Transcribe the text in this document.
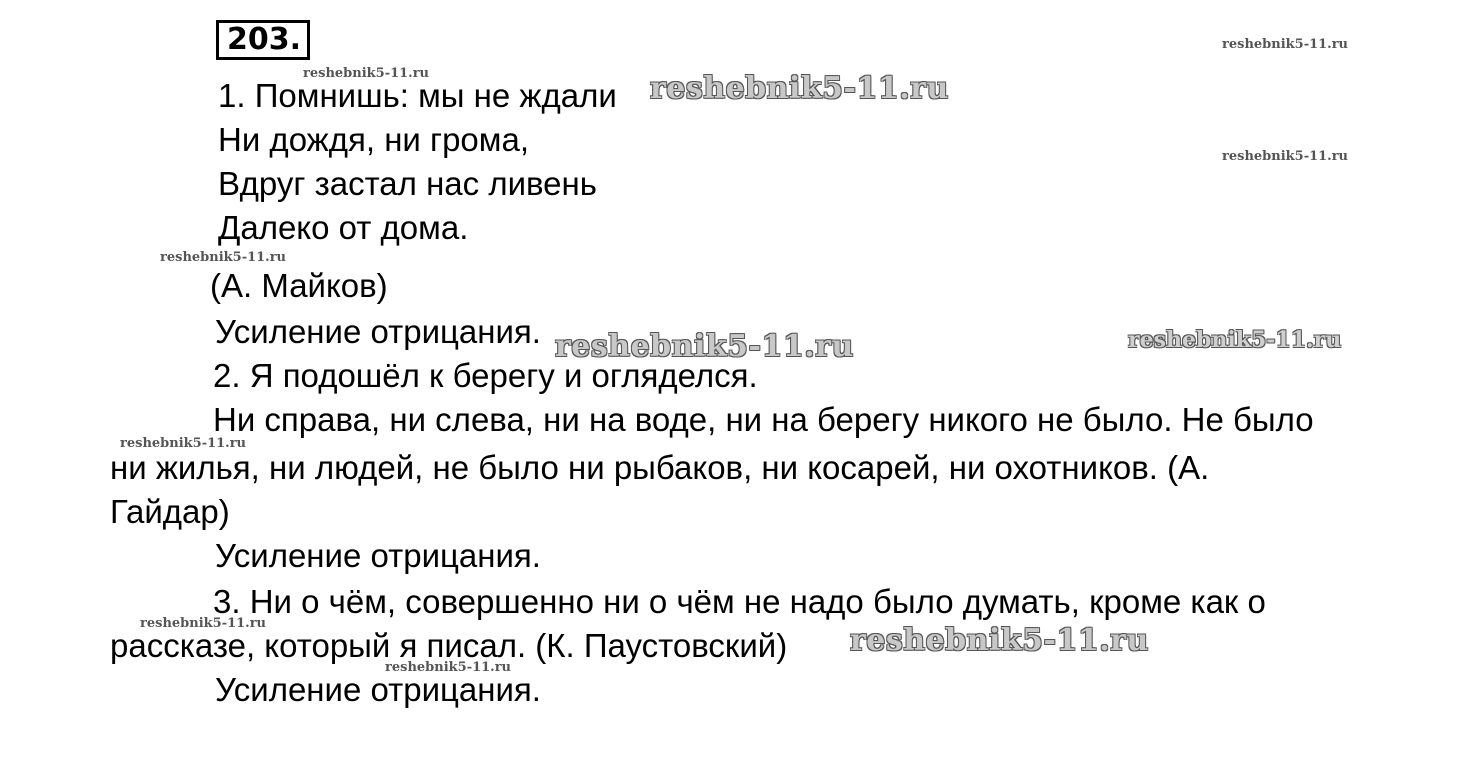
203.

1. Помнишь: мы не ждали

Ни дождя, ни грома,

Вдруг застал нас ливень

Далеко от дома.

(А. Майков)

Усиление отрицания.

2. Я подошёл к берегу и огляделся.

Ни справа, ни слева, ни на воде, ни на берегу никого не было. Не было

ни жилья, ни людей, не было ни рыбаков, ни косарей, ни охотников. (А.

Гайдар)

Усиление отрицания.

3. Ни о чём, совершенно ни о чём не надо было думать, кроме как о

рассказе, который я писал. (К. Паустовский)

Усиление отрицания.

reshebnik5-11.ru
reshebnik5-11.ru	reshebnik5-11.ru
reshebnik5-11.ru
reshebnik5-11.ru
reshebnik5-11.ru	reshebnik5-11.ru
reshebnik5-11.ru
reshebnik5-11.ru	reshebnik5-11.ru
reshebnik5-11.ru
